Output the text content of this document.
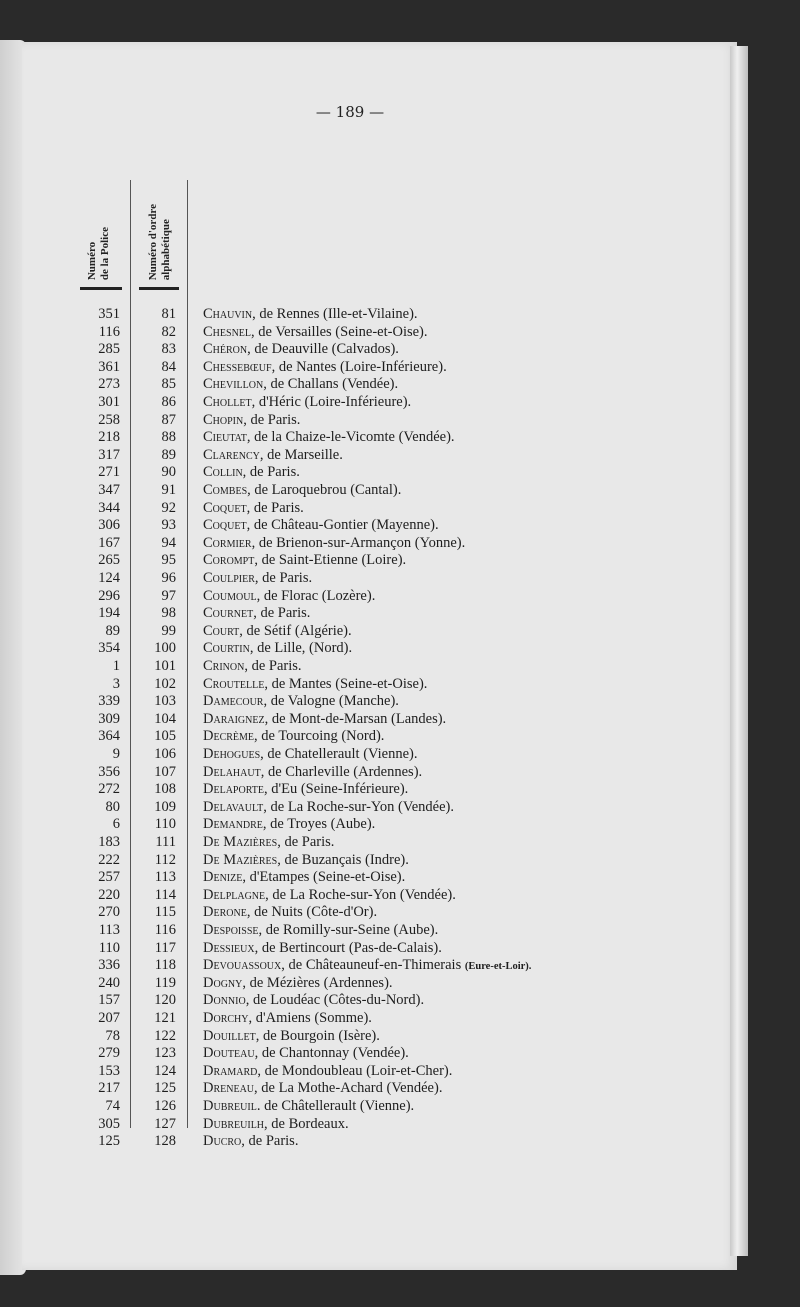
— 189 —
Numéro de la Police	Numéro d'ordre alphabétique
351	81 Chauvin, de Rennes (Ille-et-Vilaine).
116	82 Chesnel, de Versailles (Seine-et-Oise).
285	83 Chéron, de Deauville (Calvados).
361	84 Chessebœuf, de Nantes (Loire-Inférieure).
273	85 Chevillon, de Challans (Vendée).
301	86 Chollet, d'Héric (Loire-Inférieure).
258	87 Chopin, de Paris.
218	88 Cieutat, de la Chaize-le-Vicomte (Vendée).
317	89 Clarency, de Marseille.
271	90 Collin, de Paris.
347	91 Combes, de Laroquebrou (Cantal).
344	92 Coquet, de Paris.
306	93 Coquet, de Château-Gontier (Mayenne).
167	94 Cormier, de Brienon-sur-Armançon (Yonne).
265	95 Corompt, de Saint-Etienne (Loire).
124	96 Coulpier, de Paris.
296	97 Coumoul, de Florac (Lozère).
194	98 Cournet, de Paris.
89	99 Court, de Sétif (Algérie).
354	100 Courtin, de Lille, (Nord).
1	101 Crinon, de Paris.
3	102 Croutelle, de Mantes (Seine-et-Oise).
339	103 Damecour, de Valogne (Manche).
309	104 Daraignez, de Mont-de-Marsan (Landes).
364	105 Decrème, de Tourcoing (Nord).
9	106 Dehogues, de Chatellerault (Vienne).
356	107 Delahaut, de Charleville (Ardennes).
272	108 Delaporte, d'Eu (Seine-Inférieure).
80	109 Delavault, de La Roche-sur-Yon (Vendée).
6	110 Demandre, de Troyes (Aube).
183	111 De Mazières, de Paris.
222	112 De Mazières, de Buzançais (Indre).
257	113 Denize, d'Etampes (Seine-et-Oise).
220	114 Delplagne, de La Roche-sur-Yon (Vendée).
270	115 Derone, de Nuits (Côte-d'Or).
113	116 Despoisse, de Romilly-sur-Seine (Aube).
110	117 Dessieux, de Bertincourt (Pas-de-Calais).
336	118 Devouassoux, de Châteauneuf-en-Thimerais (Eure-et-Loir).
240	119 Dogny, de Mézières (Ardennes).
157	120 Donnio, de Loudéac (Côtes-du-Nord).
207	121 Dorchy, d'Amiens (Somme).
78	122 Douillet, de Bourgoin (Isère).
279	123 Douteau, de Chantonnay (Vendée).
153	124 Dramard, de Mondoubleau (Loir-et-Cher).
217	125 Dreneau, de La Mothe-Achard (Vendée).
74	126 Dubreuil. de Châtellerault (Vienne).
305	127 Dubreuilh, de Bordeaux.
125	128 Ducro, de Paris.
